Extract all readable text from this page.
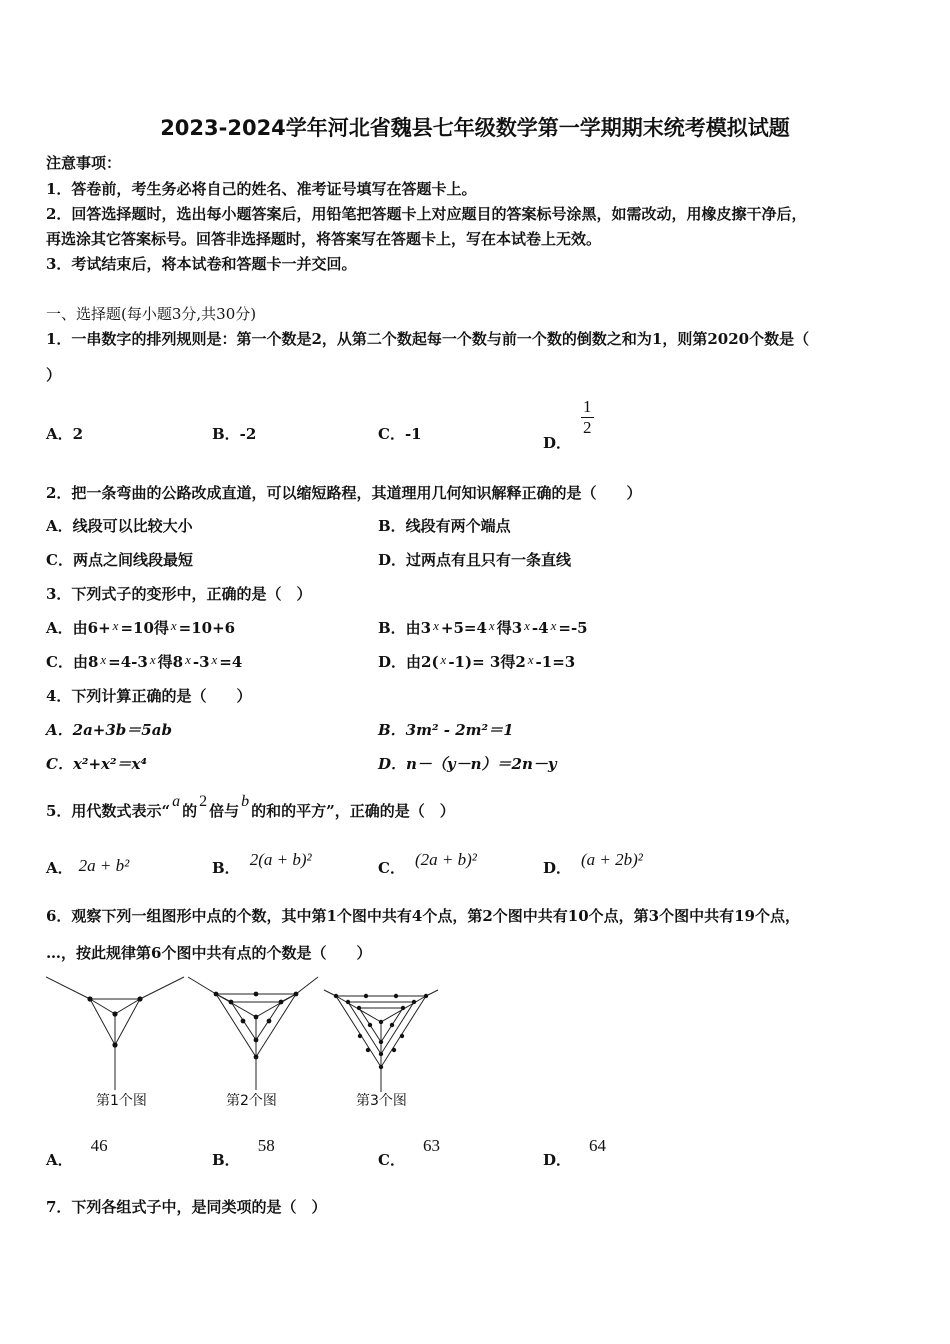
2023-2024学年河北省魏县七年级数学第一学期期末统考模拟试题
注意事项：
1．答卷前，考生务必将自己的姓名、准考证号填写在答题卡上。
2．回答选择题时，选出每小题答案后，用铅笔把答题卡上对应题目的答案标号涂黑，如需改动，用橡皮擦干净后，
再选涂其它答案标号。回答非选择题时，将答案写在答题卡上，写在本试卷上无效。
3．考试结束后，将本试卷和答题卡一并交回。
一、选择题(每小题3分,共30分)
1．一串数字的排列规则是：第一个数是2，从第二个数起每一个数与前一个数的倒数之和为1，则第2020个数是（
）
A．2	B．-2	C．-1	D．
$\frac{1}{2}$
2．把一条弯曲的公路改成直道，可以缩短路程，其道理用几何知识解释正确的是（　　）
A．线段可以比较大小	B．线段有两个端点
C．两点之间线段最短	D．过两点有且只有一条直线
3．下列式子的变形中，正确的是（　）
A．由6+ x =10得 x =10+6	B．由3 x +5=4 x 得3 x -4 x =-5
C．由8 x =4-3 x 得8 x -3 x =4	D．由2( x -1)= 3得2 x -1=3
4．下列计算正确的是（　　）
A．2a+3b＝5ab	B．3m² - 2m²＝1
C．x²+x²＝x⁴	D．n－（y－n）＝2n－y
5．用代数式表示“a的2倍与b的和的平方”，正确的是（　）
A． 2a + b²	B． 2(a + b)²	C． (2a + b)²	D． (a + 2b)²
6．观察下列一组图形中点的个数，其中第1个图中共有4个点，第2个图中共有10个点，第3个图中共有19个点，
…，按此规律第6个图中共有点的个数是（　　）
第1个图	第2个图	第3个图
A．46
B．58
C．63
D．64
7．下列各组式子中，是同类项的是（　）
